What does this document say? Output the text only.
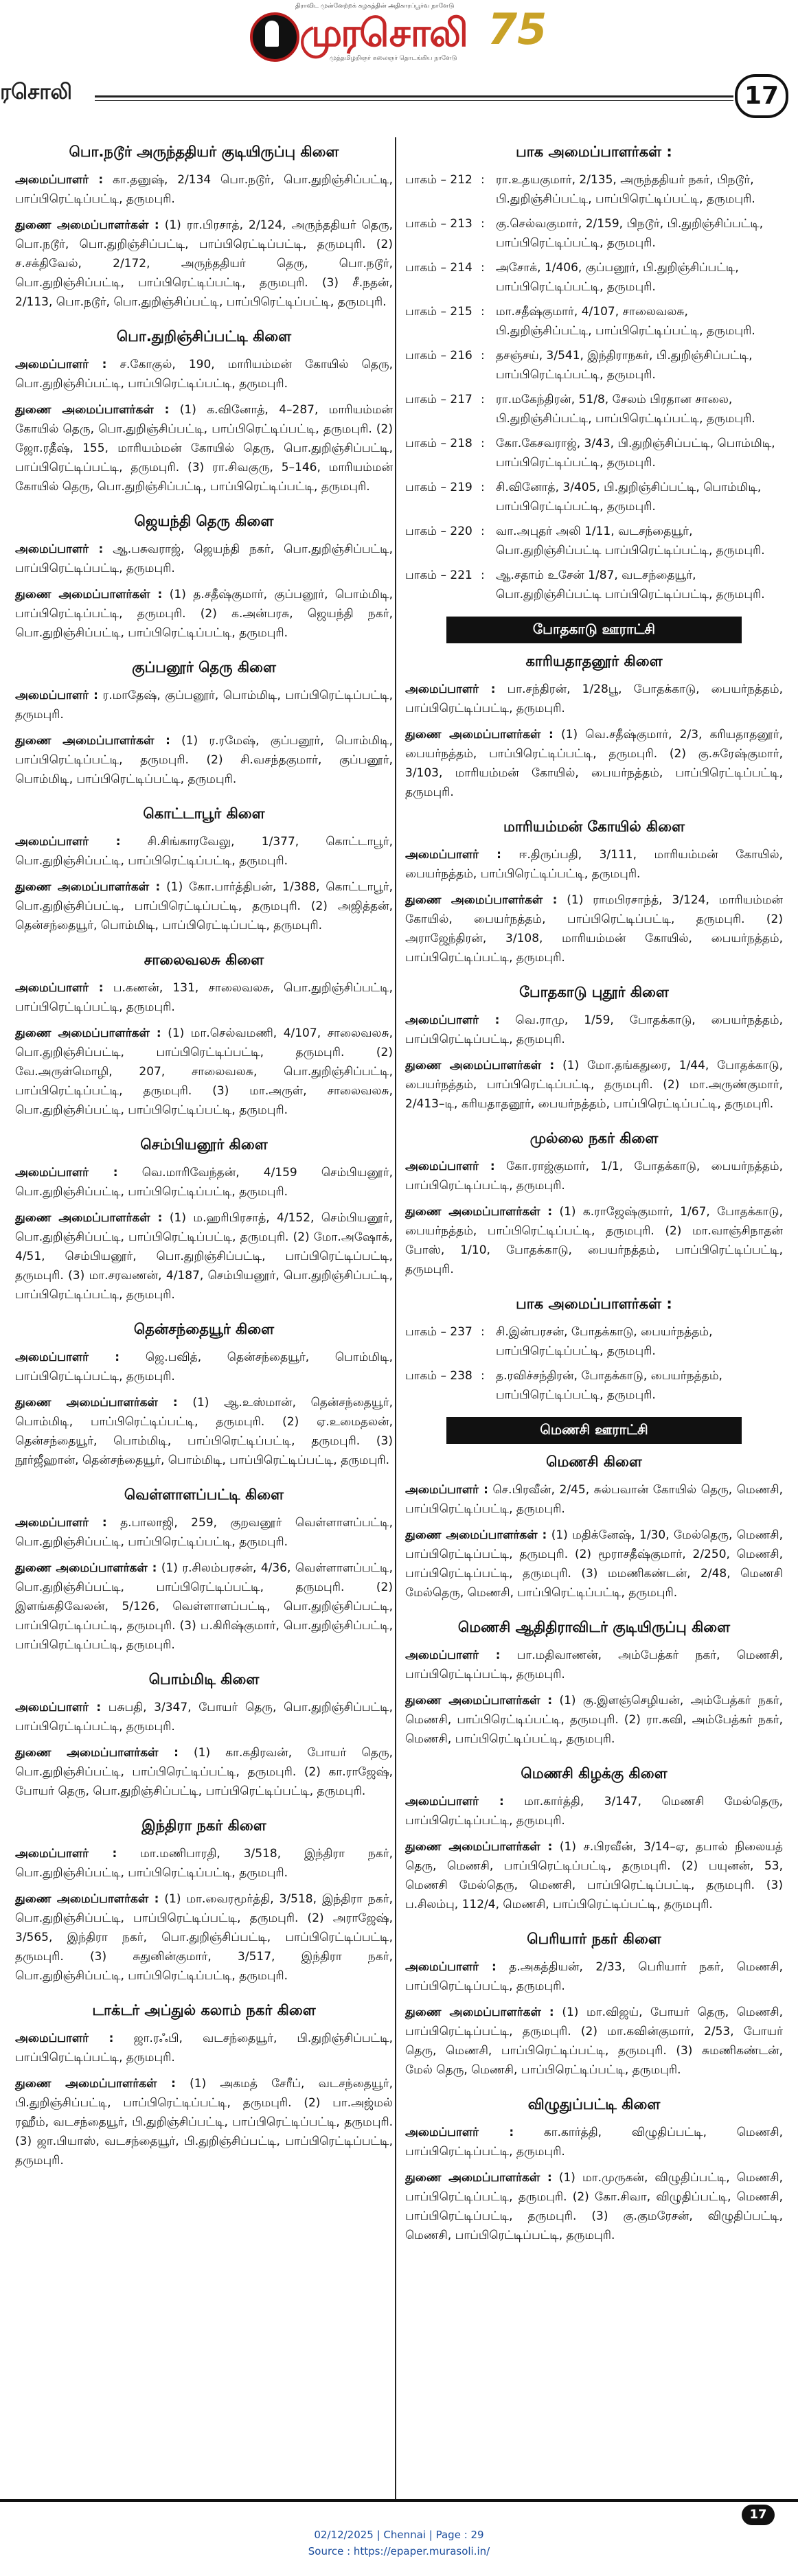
திராவிட முன்னேற்றக் கழகத்தின் அதிகாரப்பூர்வ நாளேடு
முரசொலி 75
முத்தமிழறிஞர் கலைஞர் தொடங்கிய நாளேடு
ரசொலி	17
பொ.நடூர் அருந்ததியர் குடியிருப்பு கிளை

அமைப்பாளர் : கா.தனுஷ், 2/134 பொ.நடூர், பொ.துறிஞ்சிப்பட்டி, பாப்பிரெட்டிப்பட்டி, தருமபுரி.

துணை அமைப்பாளர்கள் : (1) ரா.பிரசாத், 2/124, அருந்ததியர் தெரு, பொ.நடூர், பொ.துறிஞ்சிப்பட்டி, பாப்பிரெட்டிப்பட்டி, தருமபுரி. (2) ச.சக்திவேல், 2/172, அருந்ததியர் தெரு, பொ.நடூர், பொ.துறிஞ்சிப்பட்டி, பாப்பிரெட்டிப்பட்டி, தருமபுரி. (3) சீ.நதன், 2/113, பொ.நடூர், பொ.துறிஞ்சிப்பட்டி, பாப்பிரெட்டிப்பட்டி, தருமபுரி.

பொ.துறிஞ்சிப்பட்டி கிளை

அமைப்பாளர் : ச.கோகுல், 190, மாரியம்மன் கோயில் தெரு, பொ.துறிஞ்சிப்பட்டி, பாப்பிரெட்டிப்பட்டி, தருமபுரி.

துணை அமைப்பாளர்கள் : (1) க.வினோத், 4–287, மாரியம்மன் கோயில் தெரு, பொ.துறிஞ்சிப்பட்டி, பாப்பிரெட்டிப்பட்டி, தருமபுரி. (2) ஜோ.ரதீஷ், 155, மாரியம்மன் கோயில் தெரு, பொ.துறிஞ்சிப்பட்டி, பாப்பிரெட்டிப்பட்டி, தருமபுரி. (3) ரா.சிவகுரு, 5–146, மாரியம்மன் கோயில் தெரு, பொ.துறிஞ்சிப்பட்டி, பாப்பிரெட்டிப்பட்டி, தருமபுரி.

ஜெயந்தி தெரு கிளை

அமைப்பாளர் : ஆ.பசுவராஜ், ஜெயந்தி நகர், பொ.துறிஞ்சிப்பட்டி, பாப்பிரெட்டிப்பட்டி, தருமபுரி.

துணை அமைப்பாளர்கள் : (1) த.சதீஷ்குமார், குப்பனூர், பொம்மிடி, பாப்பிரெட்டிப்பட்டி, தருமபுரி. (2) க.அன்பரசு, ஜெயந்தி நகர், பொ.துறிஞ்சிப்பட்டி, பாப்பிரெட்டிப்பட்டி, தருமபுரி.

குப்பனூர் தெரு கிளை

அமைப்பாளர் : ர.மாதேஷ், குப்பனூர், பொம்மிடி, பாப்பிரெட்டிப்பட்டி, தருமபுரி.

துணை அமைப்பாளர்கள் : (1) ர.ரமேஷ், குப்பனூர், பொம்மிடி, பாப்பிரெட்டிப்பட்டி, தருமபுரி. (2) சி.வசந்தகுமார், குப்பனூர், பொம்மிடி, பாப்பிரெட்டிப்பட்டி, தருமபுரி.

கொட்டாபூர் கிளை

அமைப்பாளர் : சி.சிங்காரவேலு, 1/377, கொட்டாபூர், பொ.துறிஞ்சிப்பட்டி, பாப்பிரெட்டிப்பட்டி, தருமபுரி.

துணை அமைப்பாளர்கள் : (1) கோ.பார்த்திபன், 1/388, கொட்டாபூர், பொ.துறிஞ்சிப்பட்டி, பாப்பிரெட்டிப்பட்டி, தருமபுரி. (2) அஜித்தன், தென்சந்தையூர், பொம்மிடி, பாப்பிரெட்டிப்பட்டி, தருமபுரி.

சாலைவலசு கிளை

அமைப்பாளர் : ப.கணன், 131, சாலைவலசு, பொ.துறிஞ்சிப்பட்டி, பாப்பிரெட்டிப்பட்டி, தருமபுரி.

துணை அமைப்பாளர்கள் : (1) மா.செல்வமணி, 4/107, சாலைவலசு, பொ.துறிஞ்சிப்பட்டி, பாப்பிரெட்டிப்பட்டி, தருமபுரி. (2) வே.அருள்மொழி, 207, சாலைவலசு, பொ.துறிஞ்சிப்பட்டி, பாப்பிரெட்டிப்பட்டி, தருமபுரி. (3) மா.அருள், சாலைவலசு, பொ.துறிஞ்சிப்பட்டி, பாப்பிரெட்டிப்பட்டி, தருமபுரி.

செம்பியனூர் கிளை

அமைப்பாளர் : வெ.மாரிவேந்தன், 4/159 செம்பியனூர், பொ.துறிஞ்சிப்பட்டி, பாப்பிரெட்டிப்பட்டி, தருமபுரி.

துணை அமைப்பாளர்கள் : (1) ம.ஹரிபிரசாத், 4/152, செம்பியனூர், பொ.துறிஞ்சிப்பட்டி, பாப்பிரெட்டிப்பட்டி, தருமபுரி. (2) மோ.அஷோக், 4/51, செம்பியனூர், பொ.துறிஞ்சிப்பட்டி, பாப்பிரெட்டிப்பட்டி, தருமபுரி. (3) மா.சரவணன், 4/187, செம்பியனூர், பொ.துறிஞ்சிப்பட்டி, பாப்பிரெட்டிப்பட்டி, தருமபுரி.

தென்சந்தையூர் கிளை

அமைப்பாளர் : ஜெ.பவித், தென்சந்தையூர், பொம்மிடி, பாப்பிரெட்டிப்பட்டி, தருமபுரி.

துணை அமைப்பாளர்கள் : (1) ஆ.உஸ்மான், தென்சந்தையூர், பொம்மிடி, பாப்பிரெட்டிப்பட்டி, தருமபுரி. (2) ஏ.உமைதலன், தென்சந்தையூர், பொம்மிடி, பாப்பிரெட்டிப்பட்டி, தருமபுரி. (3) நூர்ஜீஹான், தென்சந்தையூர், பொம்மிடி, பாப்பிரெட்டிப்பட்டி, தருமபுரி.

வெள்ளாளப்பட்டி கிளை

அமைப்பாளர் : த.பாலாஜி, 259, குறவனூர் வெள்ளாளப்பட்டி, பொ.துறிஞ்சிப்பட்டி, பாப்பிரெட்டிப்பட்டி, தருமபுரி.

துணை அமைப்பாளர்கள் : (1) ர.சிலம்பரசன், 4/36, வெள்ளாளப்பட்டி, பொ.துறிஞ்சிப்பட்டி, பாப்பிரெட்டிப்பட்டி, தருமபுரி. (2) இளங்கதிவேலன், 5/126, வெள்ளாளப்பட்டி, பொ.துறிஞ்சிப்பட்டி, பாப்பிரெட்டிப்பட்டி, தருமபுரி. (3) ப.கிரிஷ்குமார், பொ.துறிஞ்சிப்பட்டி, பாப்பிரெட்டிப்பட்டி, தருமபுரி.

பொம்மிடி கிளை

அமைப்பாளர் : பசுபதி, 3/347, போயர் தெரு, பொ.துறிஞ்சிப்பட்டி, பாப்பிரெட்டிப்பட்டி, தருமபுரி.

துணை அமைப்பாளர்கள் : (1) கா.கதிரவன், போயர் தெரு, பொ.துறிஞ்சிப்பட்டி, பாப்பிரெட்டிப்பட்டி, தருமபுரி. (2) கா.ராஜேஷ், போயர் தெரு, பொ.துறிஞ்சிப்பட்டி, பாப்பிரெட்டிப்பட்டி, தருமபுரி.

இந்திரா நகர் கிளை

அமைப்பாளர் : மா.மணிபாரதி, 3/518, இந்திரா நகர், பொ.துறிஞ்சிப்பட்டி, பாப்பிரெட்டிப்பட்டி, தருமபுரி.

துணை அமைப்பாளர்கள் : (1) மா.வைரமூர்த்தி, 3/518, இந்திரா நகர், பொ.துறிஞ்சிப்பட்டி, பாப்பிரெட்டிப்பட்டி, தருமபுரி. (2) அராஜேஷ், 3/565, இந்திரா நகர், பொ.துறிஞ்சிப்பட்டி, பாப்பிரெட்டிப்பட்டி, தருமபுரி. (3) சுதுனின்குமார், 3/517, இந்திரா நகர், பொ.துறிஞ்சிப்பட்டி, பாப்பிரெட்டிப்பட்டி, தருமபுரி.

டாக்டர் அப்துல் கலாம் நகர் கிளை

அமைப்பாளர் : ஜா.ரஃபி, வடசந்தையூர், பி.துறிஞ்சிப்பட்டி, பாப்பிரெட்டிப்பட்டி, தருமபுரி.

துணை அமைப்பாளர்கள் : (1) அகமத் சேரீப், வடசந்தையூர், பி.துறிஞ்சிப்பட்டி, பாப்பிரெட்டிப்பட்டி, தருமபுரி. (2) பா.அஜ்மல் ரஹீம், வடசந்தையூர், பி.துறிஞ்சிப்பட்டி, பாப்பிரெட்டிப்பட்டி, தருமபுரி. (3) ஜா.பியாஸ், வடசந்தையூர், பி.துறிஞ்சிப்பட்டி, பாப்பிரெட்டிப்பட்டி, தருமபுரி.

பாக அமைப்பாளர்கள் :
பாகம் – 212 : ரா.உதயகுமார், 2/135, அருந்ததியர் நகர், பிநடூர், பி.துறிஞ்சிப்பட்டி, பாப்பிரெட்டிப்பட்டி, தருமபுரி.
பாகம் – 213 : கு.செல்வகுமார், 2/159, பிநடூர், பி.துறிஞ்சிப்பட்டி, பாப்பிரெட்டிப்பட்டி, தருமபுரி.
பாகம் – 214 : அசோக், 1/406, குப்பனூர், பி.துறிஞ்சிப்பட்டி, பாப்பிரெட்டிப்பட்டி, தருமபுரி.
பாகம் – 215 : மா.சதீஷ்குமார், 4/107, சாலைவலசு, பி.துறிஞ்சிப்பட்டி, பாப்பிரெட்டிப்பட்டி, தருமபுரி.
பாகம் – 216 : தசஞ்சய், 3/541, இந்திராநகர், பி.துறிஞ்சிப்பட்டி, பாப்பிரெட்டிப்பட்டி, தருமபுரி.
பாகம் – 217 : ரா.மகேந்திரன், 51/8, சேலம் பிரதான சாலை, பி.துறிஞ்சிப்பட்டி, பாப்பிரெட்டிப்பட்டி, தருமபுரி.
பாகம் – 218 : கோ.கேசவராஜ், 3/43, பி.துறிஞ்சிப்பட்டி, பொம்மிடி, பாப்பிரெட்டிப்பட்டி, தருமபுரி.
பாகம் – 219 : சி.வினோத், 3/405, பி.துறிஞ்சிப்பட்டி, பொம்மிடி, பாப்பிரெட்டிப்பட்டி, தருமபுரி.
பாகம் – 220 : வா.அபுதர் அலி 1/11, வடசந்தையூர், பொ.துறிஞ்சிப்பட்டி பாப்பிரெட்டிப்பட்டி, தருமபுரி.
பாகம் – 221 : ஆ.சதாம் உசேன் 1/87, வடசந்தையூர், பொ.துறிஞ்சிப்பட்டி பாப்பிரெட்டிப்பட்டி, தருமபுரி.
போதகாடு ஊராட்சி
காரியதாதனூர் கிளை

அமைப்பாளர் : பா.சந்திரன், 1/28பூ, போதக்காடு, பையர்நத்தம், பாப்பிரெட்டிப்பட்டி, தருமபுரி.

துணை அமைப்பாளர்கள் : (1) வெ.சதீஷ்குமார், 2/3, கரியதாதனூர், பையர்நத்தம், பாப்பிரெட்டிப்பட்டி, தருமபுரி. (2) கு.சுரேஷ்குமார், 3/103, மாரியம்மன் கோயில், பையர்நத்தம், பாப்பிரெட்டிப்பட்டி, தருமபுரி.

மாரியம்மன் கோயில் கிளை

அமைப்பாளர் : ஈ.திருப்பதி, 3/111, மாரியம்மன் கோயில், பையர்நத்தம், பாப்பிரெட்டிப்பட்டி, தருமபுரி.

துணை அமைப்பாளர்கள் : (1) ராமபிரசாந்த், 3/124, மாரியம்மன் கோயில், பையர்நத்தம், பாப்பிரெட்டிப்பட்டி, தருமபுரி. (2) அராஜேந்திரன், 3/108, மாரியம்மன் கோயில், பையர்நத்தம், பாப்பிரெட்டிப்பட்டி, தருமபுரி.

போதகாடு புதூர் கிளை

அமைப்பாளர் : வெ.ராமு, 1/59, போதக்காடு, பையர்நத்தம், பாப்பிரெட்டிப்பட்டி, தருமபுரி.

துணை அமைப்பாளர்கள் : (1) மோ.தங்கதுரை, 1/44, போதக்காடு, பையர்நத்தம், பாப்பிரெட்டிப்பட்டி, தருமபுரி. (2) மா.அருண்குமார், 2/413–டி, கரியதாதனூர், பையர்நத்தம், பாப்பிரெட்டிப்பட்டி, தருமபுரி.

முல்லை நகர் கிளை

அமைப்பாளர் : கோ.ராஜ்குமார், 1/1, போதக்காடு, பையர்நத்தம், பாப்பிரெட்டிப்பட்டி, தருமபுரி.

துணை அமைப்பாளர்கள் : (1) க.ராஜேஷ்குமார், 1/67, போதக்காடு, பையர்நத்தம், பாப்பிரெட்டிப்பட்டி, தருமபுரி. (2) மா.வாஞ்சிநாதன் போஸ், 1/10, போதக்காடு, பையர்நத்தம், பாப்பிரெட்டிப்பட்டி, தருமபுரி.

பாக அமைப்பாளர்கள் :
பாகம் – 237 : சி.இன்பரசன், போதக்காடு, பையர்நத்தம், பாப்பிரெட்டிப்பட்டி, தருமபுரி.
பாகம் – 238 : த.ரவிச்சந்திரன், போதக்காடு, பையர்நத்தம், பாப்பிரெட்டிப்பட்டி, தருமபுரி.
மெணசி ஊராட்சி
மெணசி கிளை

அமைப்பாளர் : செ.பிரவீன், 2/45, சுல்பவான் கோயில் தெரு, மெணசி, பாப்பிரெட்டிப்பட்டி, தருமபுரி.

துணை அமைப்பாளர்கள் : (1) மதிக்னேஷ், 1/30, மேல்தெரு, மெணசி, பாப்பிரெட்டிப்பட்டி, தருமபுரி. (2) மூராசதீஷ்குமார், 2/250, மெணசி, பாப்பிரெட்டிப்பட்டி, தருமபுரி. (3) மமணிகண்டன், 2/48, மெணசி மேல்தெரு, மெணசி, பாப்பிரெட்டிப்பட்டி, தருமபுரி.

மெணசி ஆதிதிராவிடர் குடியிருப்பு கிளை

அமைப்பாளர் : பா.மதிவாணன், அம்பேத்கர் நகர், மெணசி, பாப்பிரெட்டிப்பட்டி, தருமபுரி.

துணை அமைப்பாளர்கள் : (1) கு.இளஞ்செழியன், அம்பேத்கர் நகர், மெணசி, பாப்பிரெட்டிப்பட்டி, தருமபுரி. (2) ரா.கவி, அம்பேத்கர் நகர், மெணசி, பாப்பிரெட்டிப்பட்டி, தருமபுரி.

மெணசி கிழக்கு கிளை

அமைப்பாளர் : மா.கார்த்தி, 3/147, மெணசி மேல்தெரு, பாப்பிரெட்டிப்பட்டி, தருமபுரி.

துணை அமைப்பாளர்கள் : (1) ச.பிரவீன், 3/14–ஏ, தபால் நிலையத் தெரு, மெணசி, பாப்பிரெட்டிப்பட்டி, தருமபுரி. (2) பயுனன், 53, மெணசி மேல்தெரு, மெணசி, பாப்பிரெட்டிப்பட்டி, தருமபுரி. (3) ப.சிலம்பு, 112/4, மெணசி, பாப்பிரெட்டிப்பட்டி, தருமபுரி.

பெரியார் நகர் கிளை

அமைப்பாளர் : த.அகத்தியன், 2/33, பெரியார் நகர், மெணசி, பாப்பிரெட்டிப்பட்டி, தருமபுரி.

துணை அமைப்பாளர்கள் : (1) மா.விஜய், போயர் தெரு, மெணசி, பாப்பிரெட்டிப்பட்டி, தருமபுரி. (2) மா.கவின்குமார், 2/53, போயர் தெரு, மெணசி, பாப்பிரெட்டிப்பட்டி, தருமபுரி. (3) சுமணிகண்டன், மேல் தெரு, மெணசி, பாப்பிரெட்டிப்பட்டி, தருமபுரி.

விழுதுப்பட்டி கிளை

அமைப்பாளர் :	கா.கார்த்தி, விழுதிப்பட்டி, மெணசி, பாப்பிரெட்டிப்பட்டி, தருமபுரி.

துணை அமைப்பாளர்கள் : (1) மா.முருகன், விழுதிப்பட்டி, மெணசி, பாப்பிரெட்டிப்பட்டி, தருமபுரி. (2) கோ.சிவா, விழுதிப்பட்டி, மெணசி, பாப்பிரெட்டிப்பட்டி, தருமபுரி. (3) கு.குமரேசன், விழுதிப்பட்டி, மெணசி, பாப்பிரெட்டிப்பட்டி, தருமபுரி.

17
02/12/2025 | Chennai | Page : 29
Source : https://epaper.murasoli.in/
